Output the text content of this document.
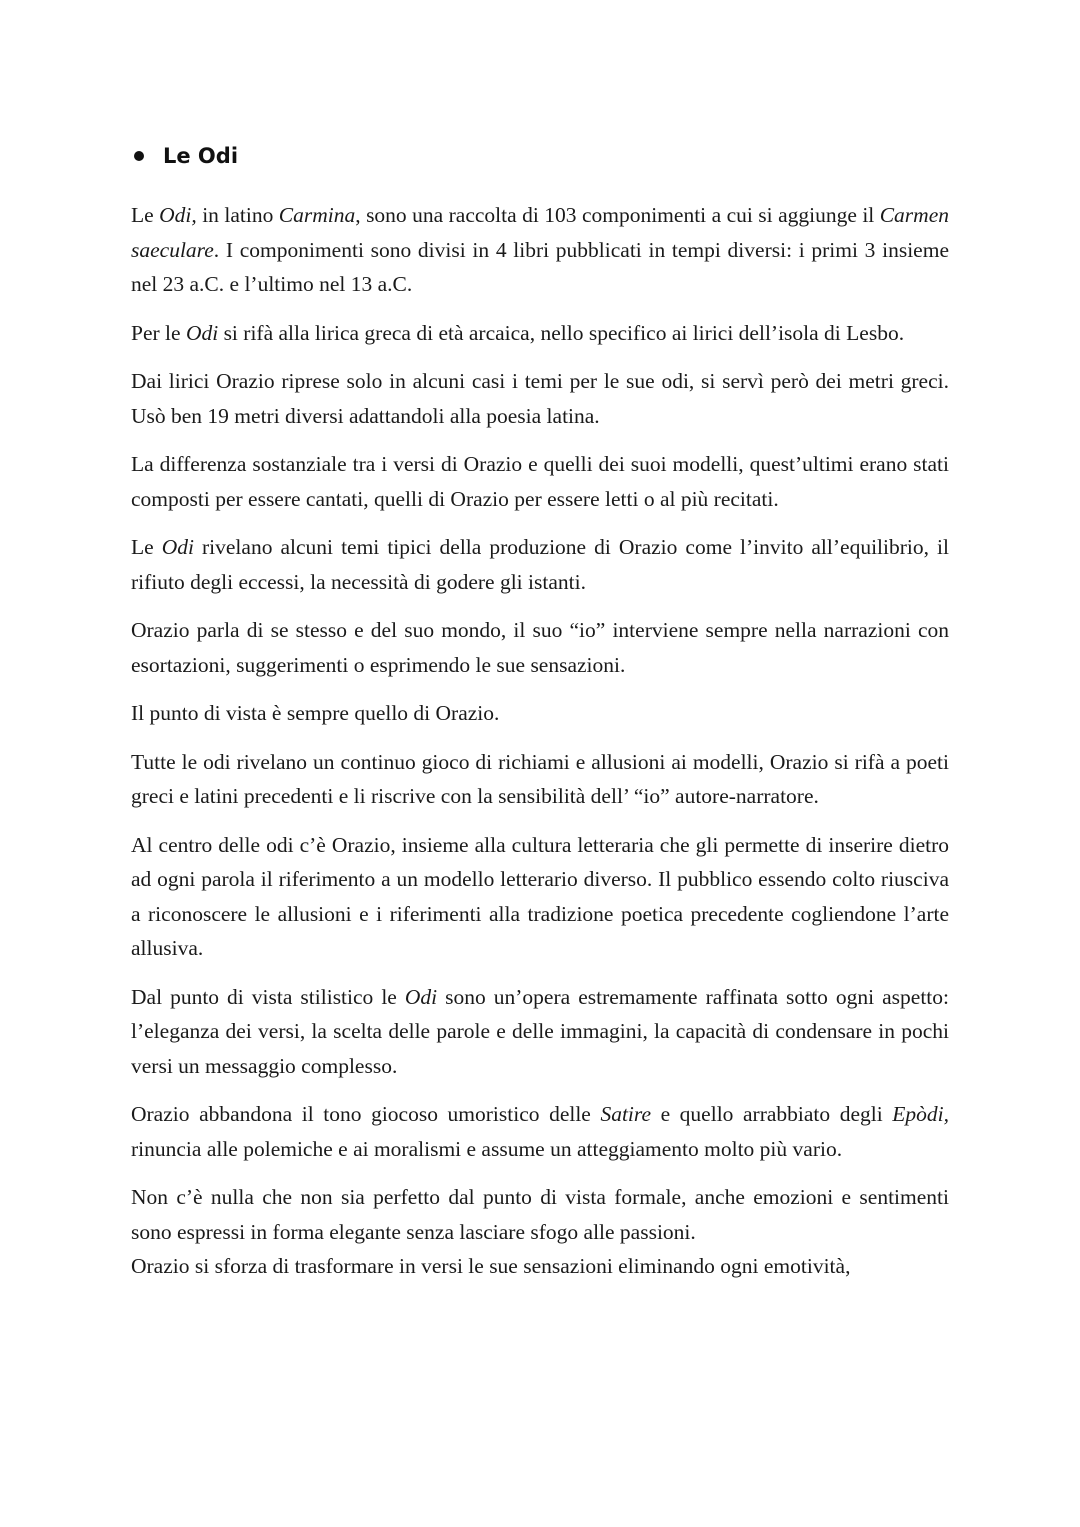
Le Odi

Le Odi, in latino Carmina, sono una raccolta di 103 componimenti a cui si aggiunge il Carmen saeculare. I componimenti sono divisi in 4 libri pubblicati in tempi diversi: i primi 3 insieme nel 23 a.C. e l’ultimo nel 13 a.C.

Per le Odi si rifà alla lirica greca di età arcaica, nello specifico ai lirici dell’isola di Lesbo.

Dai lirici Orazio riprese solo in alcuni casi i temi per le sue odi, si servì però dei metri greci. Usò ben 19 metri diversi adattandoli alla poesia latina.

La differenza sostanziale tra i versi di Orazio e quelli dei suoi modelli, quest’ultimi erano stati composti per essere cantati, quelli di Orazio per essere letti o al più recitati.

Le Odi rivelano alcuni temi tipici della produzione di Orazio come l’invito all’equilibrio, il rifiuto degli eccessi, la necessità di godere gli istanti.

Orazio parla di se stesso e del suo mondo, il suo “io” interviene sempre nella narrazioni con esortazioni, suggerimenti o esprimendo le sue sensazioni.

Il punto di vista è sempre quello di Orazio.

Tutte le odi rivelano un continuo gioco di richiami e allusioni ai modelli, Orazio si rifà a poeti greci e latini precedenti e li riscrive con la sensibilità dell’ “io” autore-narratore.

Al centro delle odi c’è Orazio, insieme alla cultura letteraria che gli permette di inserire dietro ad ogni parola il riferimento a un modello letterario diverso. Il pubblico essendo colto riusciva a riconoscere le allusioni e i riferimenti alla tradizione poetica precedente cogliendone l’arte allusiva.

Dal punto di vista stilistico le Odi sono un’opera estremamente raffinata sotto ogni aspetto: l’eleganza dei versi, la scelta delle parole e delle immagini, la capacità di condensare in pochi versi un messaggio complesso.

Orazio abbandona il tono giocoso umoristico delle Satire e quello arrabbiato degli Epòdi, rinuncia alle polemiche e ai moralismi e assume un atteggiamento molto più vario.

Non c’è nulla che non sia perfetto dal punto di vista formale, anche emozioni e sentimenti sono espressi in forma elegante senza lasciare sfogo alle passioni.

Orazio si sforza di trasformare in versi le sue sensazioni eliminando ogni emotività,
